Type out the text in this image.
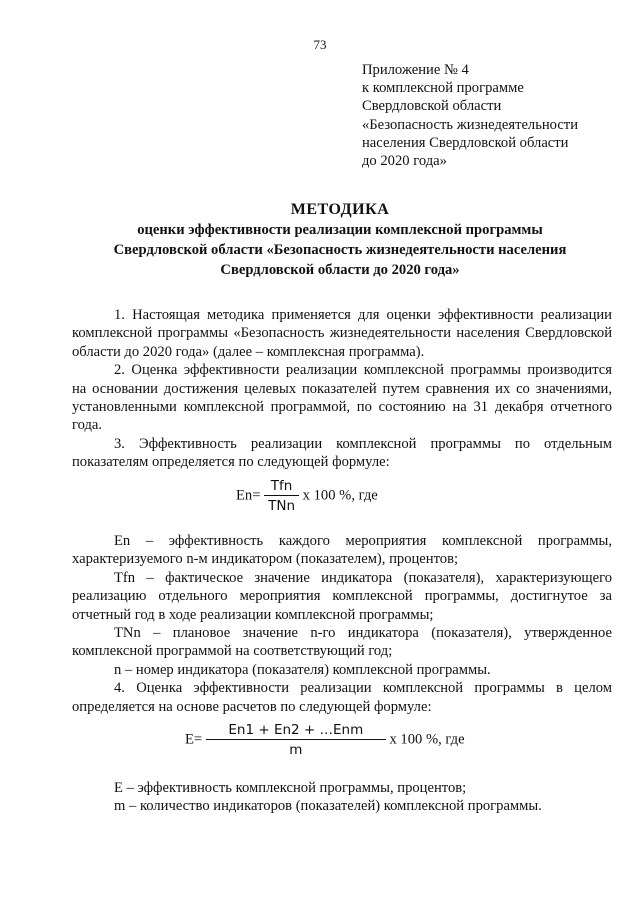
73
Приложение № 4
к комплексной программе
Свердловской области
«Безопасность жизнедеятельности
населения Свердловской области
до 2020 года»
МЕТОДИКА
оценки эффективности реализации комплексной программы
Свердловской области «Безопасность жизнедеятельности населения
Свердловской области до 2020 года»

1. Настоящая методика применяется для оценки эффективности реализации комплексной программы «Безопасность жизнедеятельности населения Свердловской области до 2020 года» (далее – комплексная программа).

2. Оценка эффективности реализации комплексной программы производится на основании достижения целевых показателей путем сравнения их со значениями, установленными комплексной программой, по состоянию на 31 декабря отчетного года.

3. Эффективность реализации комплексной программы по отдельным показателям определяется по следующей формуле:

$En= \frac{\text{Tfn}}{\text{TNn}}$ x 100 %, где

En – эффективность каждого мероприятия комплексной программы, характеризуемого n-м индикатором (показателем), процентов;

Tfn – фактическое значение индикатора (показателя), характеризующего реализацию отдельного мероприятия комплексной программы, достигнутое за отчетный год в ходе реализации комплексной программы;

TNn – плановое значение n-го индикатора (показателя), утвержденное комплексной программой на соответствующий год;

n – номер индикатора (показателя) комплексной программы.

4. Оценка эффективности реализации комплексной программы в целом определяется на основе расчетов по следующей формуле:

$E= \frac{\text{En1 + En2 + …Enm}}{m}$ x 100 %, где

E – эффективность комплексной программы, процентов;

m – количество индикаторов (показателей) комплексной программы.
